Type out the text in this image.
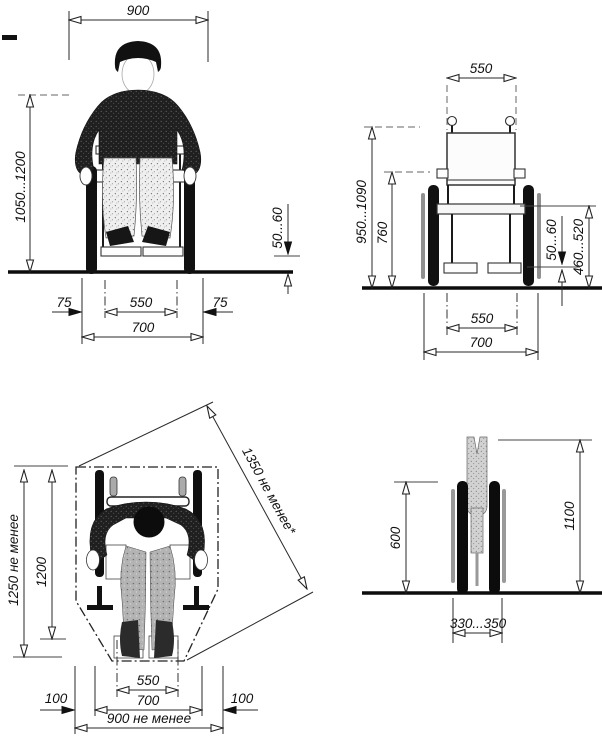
900
1050...1200
50...60
550
75	75
700
550
950...1090 760	460...520
50...60
550
700
1250 не менее 1200
1350 не менее*
550
700
100	100
900 не менее
600
1100
330...350
